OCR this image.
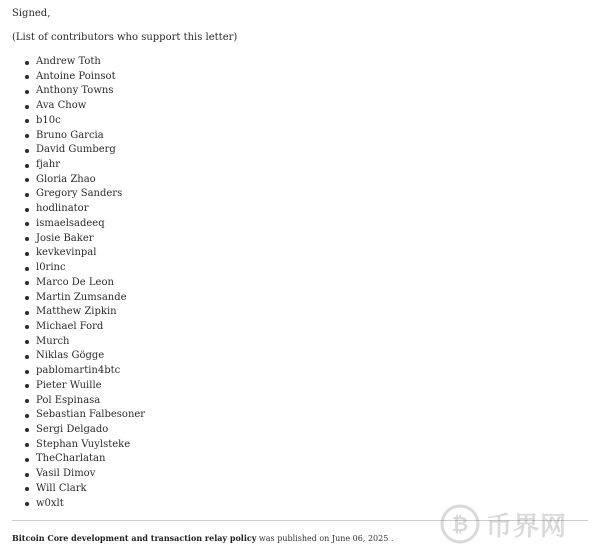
Signed,

(List of contributors who support this letter)

Andrew Toth
Antoine Poinsot
Anthony Towns
Ava Chow
b10c
Bruno Garcia
David Gumberg
fjahr
Gloria Zhao
Gregory Sanders
hodlinator
ismaelsadeeq
Josie Baker
kevkevinpal
l0rinc
Marco De Leon
Martin Zumsande
Matthew Zipkin
Michael Ford
Murch
Niklas Gögge
pablomartin4btc
Pieter Wuille
Pol Espinasa
Sebastian Falbesoner
Sergi Delgado
Stephan Vuylsteke
TheCharlatan
Vasil Dimov
Will Clark
w0xlt
Bitcoin Core development and transaction relay policy was published on June 06, 2025 .
₿ 币界网
